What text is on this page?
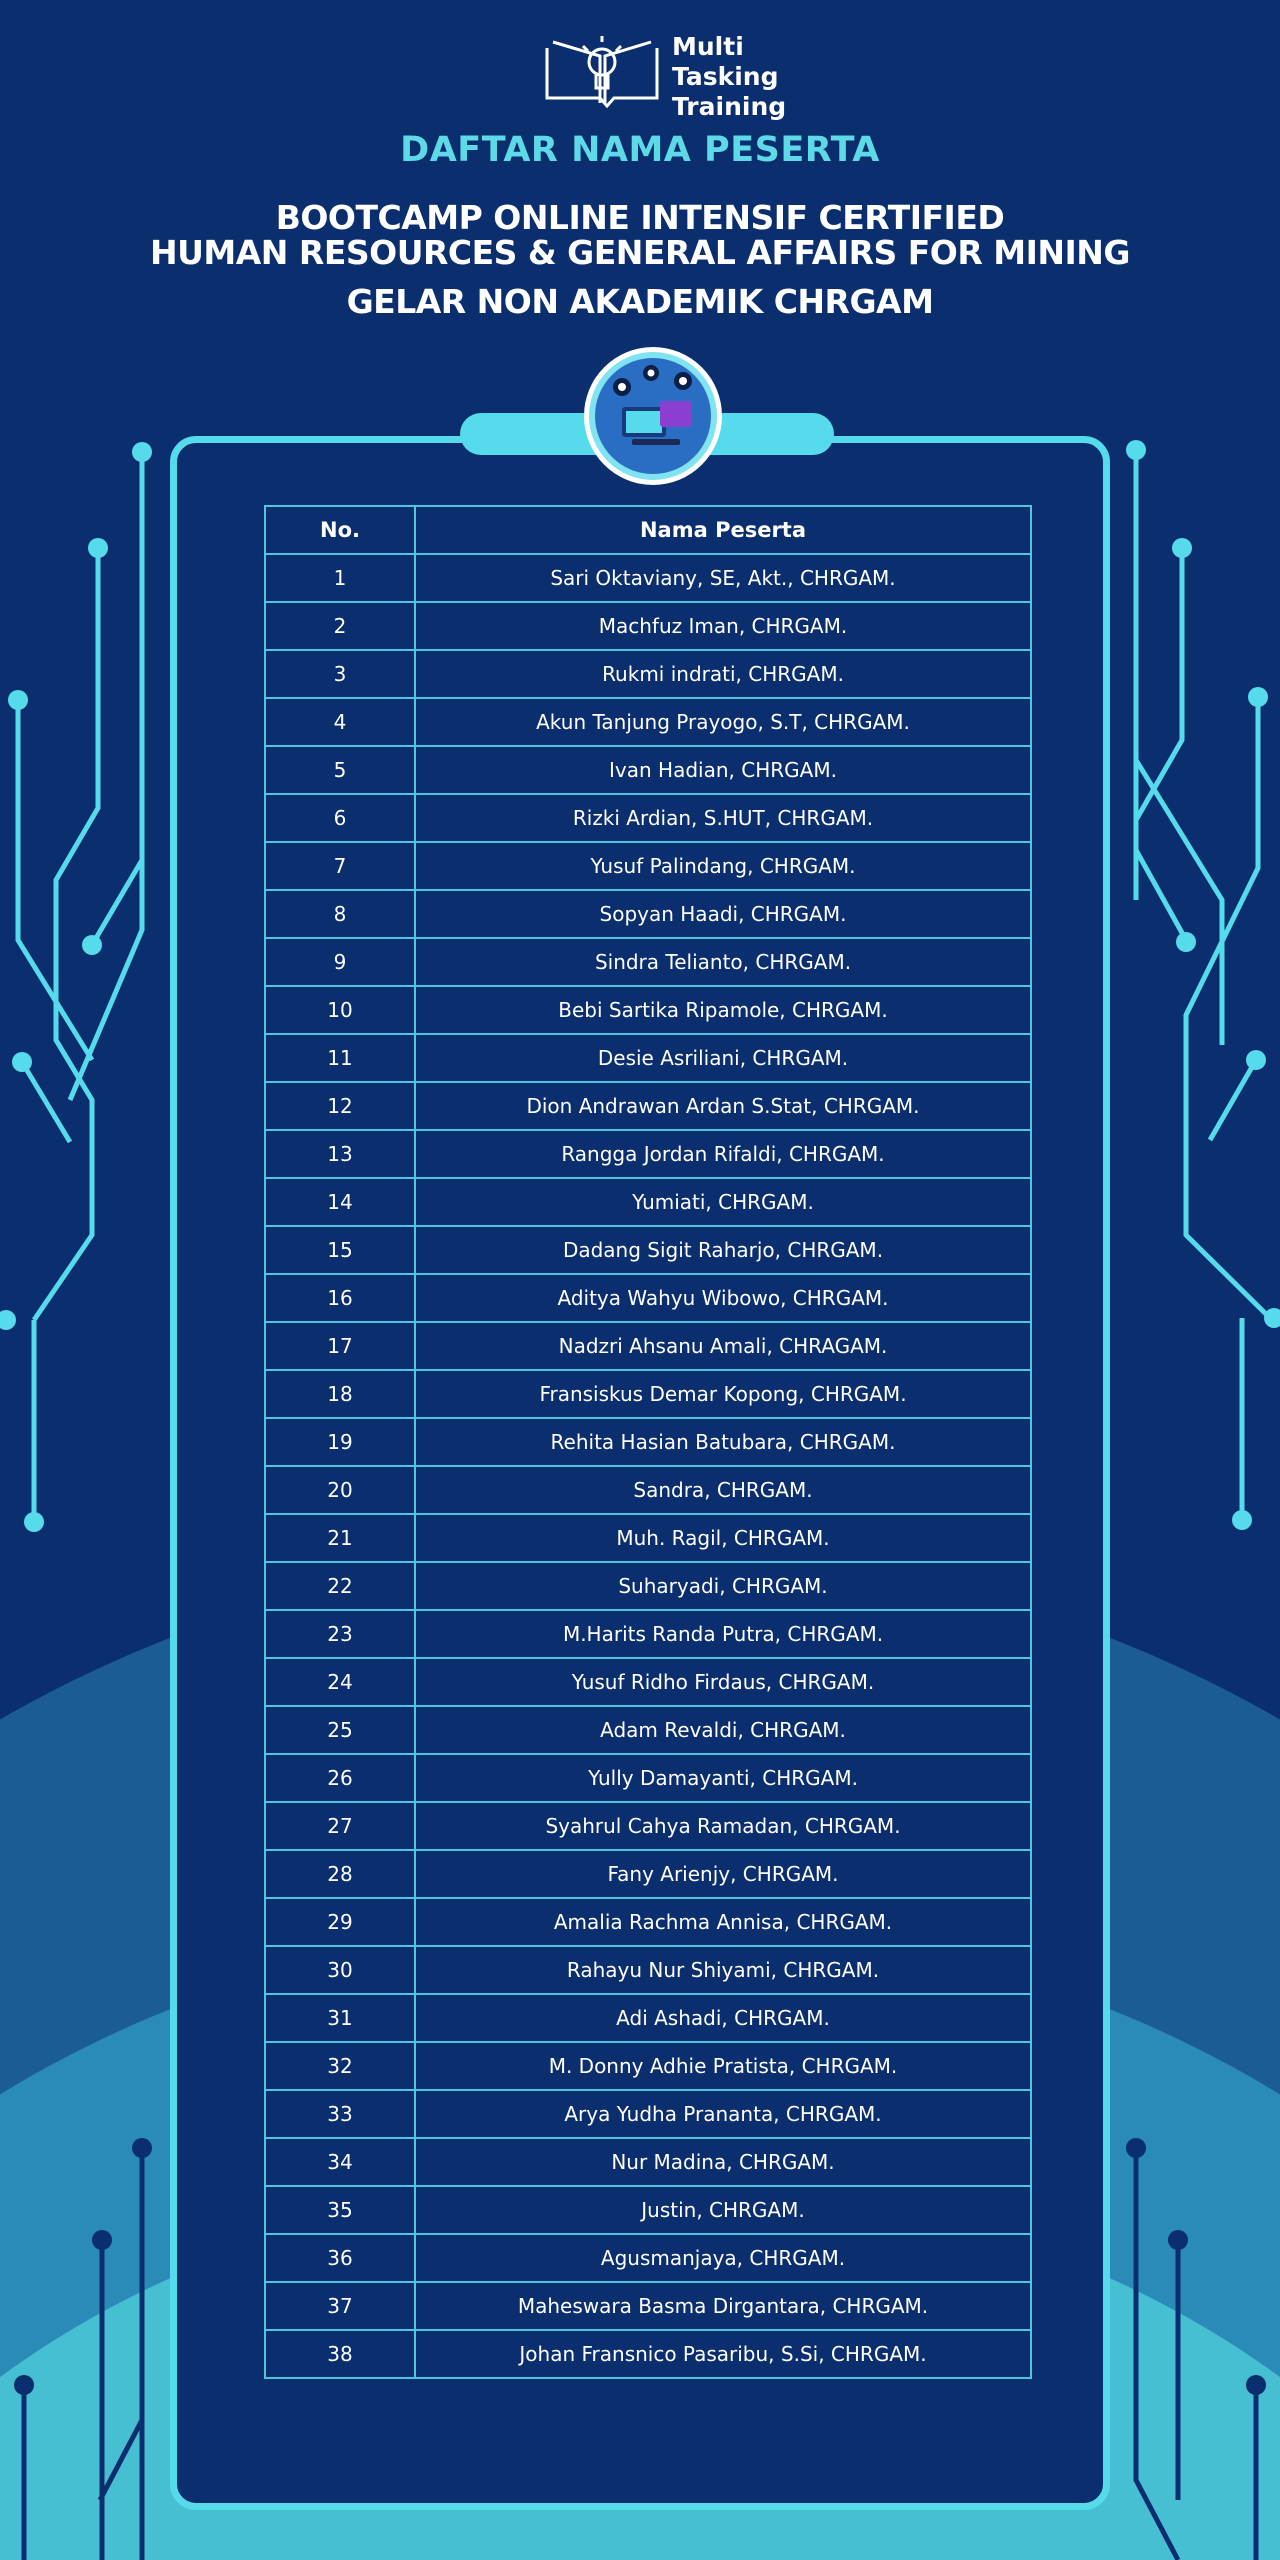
Multi
Tasking
Training
DAFTAR NAMA PESERTA
BOOTCAMP ONLINE INTENSIF CERTIFIED
HUMAN RESOURCES & GENERAL AFFAIRS FOR MINING
GELAR NON AKADEMIK CHRGAM
No.	Nama Peserta
1	Sari Oktaviany, SE, Akt., CHRGAM.
2	Machfuz Iman, CHRGAM.
3	Rukmi indrati, CHRGAM.
4	Akun Tanjung Prayogo, S.T, CHRGAM.
5	Ivan Hadian, CHRGAM.
6	Rizki Ardian, S.HUT, CHRGAM.
7	Yusuf Palindang, CHRGAM.
8	Sopyan Haadi, CHRGAM.
9	Sindra Telianto, CHRGAM.
10	Bebi Sartika Ripamole, CHRGAM.
11	Desie Asriliani, CHRGAM.
12	Dion Andrawan Ardan S.Stat, CHRGAM.
13	Rangga Jordan Rifaldi, CHRGAM.
14	Yumiati, CHRGAM.
15	Dadang Sigit Raharjo, CHRGAM.
16	Aditya Wahyu Wibowo, CHRGAM.
17	Nadzri Ahsanu Amali, CHRAGAM.
18	Fransiskus Demar Kopong, CHRGAM.
19	Rehita Hasian Batubara, CHRGAM.
20	Sandra, CHRGAM.
21	Muh. Ragil, CHRGAM.
22	Suharyadi, CHRGAM.
23	M.Harits Randa Putra, CHRGAM.
24	Yusuf Ridho Firdaus, CHRGAM.
25	Adam Revaldi, CHRGAM.
26	Yully Damayanti, CHRGAM.
27	Syahrul Cahya Ramadan, CHRGAM.
28	Fany Arienjy, CHRGAM.
29	Amalia Rachma Annisa, CHRGAM.
30	Rahayu Nur Shiyami, CHRGAM.
31	Adi Ashadi, CHRGAM.
32	M. Donny Adhie Pratista, CHRGAM.
33	Arya Yudha Prananta, CHRGAM.
34	Nur Madina, CHRGAM.
35	Justin, CHRGAM.
36	Agusmanjaya, CHRGAM.
37	Maheswara Basma Dirgantara, CHRGAM.
38	Johan Fransnico Pasaribu, S.Si, CHRGAM.
